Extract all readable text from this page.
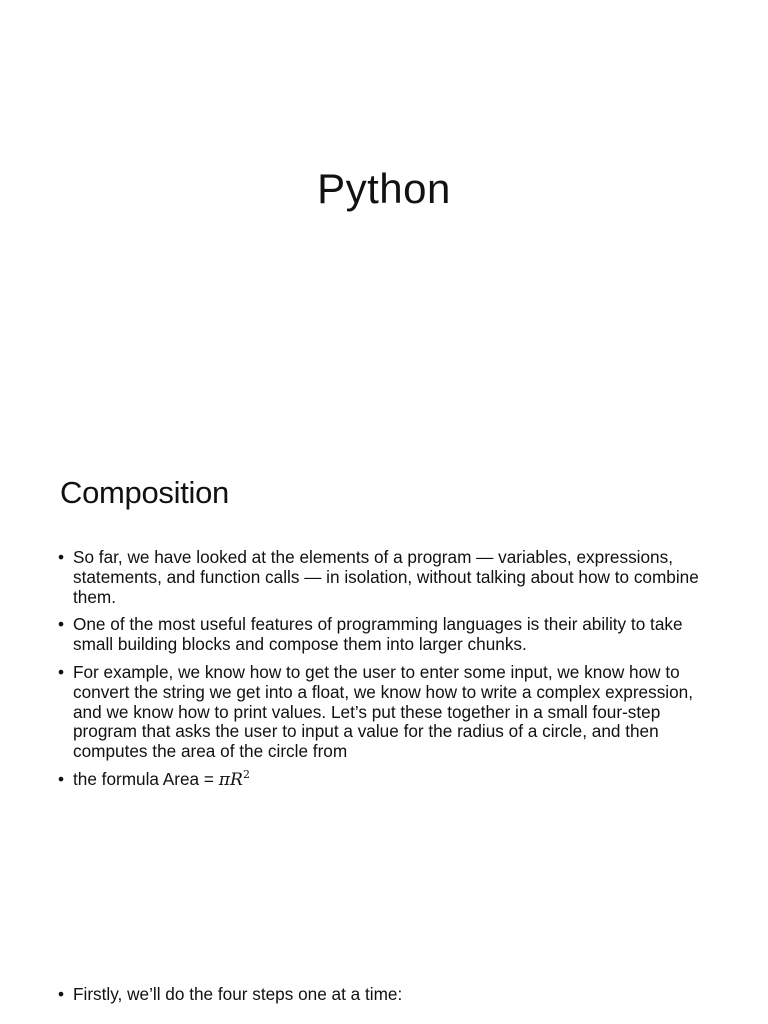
Python
Composition
• So far, we have looked at the elements of a program — variables, expressions, statements, and function calls — in isolation, without talking about how to combine them.
• One of the most useful features of programming languages is their ability to take small building blocks and compose them into larger chunks.
• For example, we know how to get the user to enter some input, we know how to convert the string we get into a float, we know how to write a complex expression, and we know how to print values. Let’s put these together in a small four-step program that asks the user to input a value for the radius of a circle, and then computes the area of the circle from
• the formula Area = $\pi R^2$
• Firstly, we’ll do the four steps one at a time:
